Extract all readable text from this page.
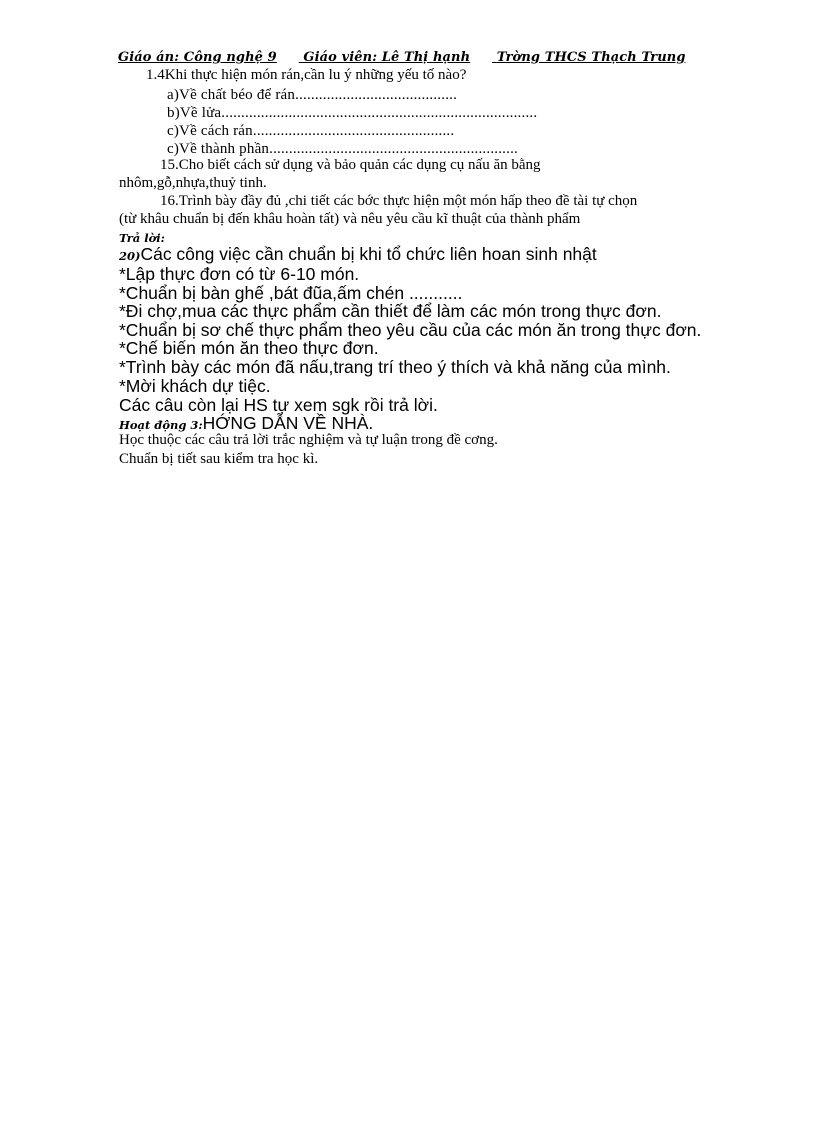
Giáo án: Công nghệ 9 Giáo viên: Lê Thị hạnh Trờng THCS Thạch Trung
1.4Khi thực hiện món rán,cần lu ý những yếu tố nào?
a)Về chất béo để rán.........................................
b)Về lửa................................................................................
c)Về cách rán...................................................
c)Về thành phần...............................................................
15.Cho biết cách sử dụng và bảo quản các dụng cụ nấu ăn bằng
nhôm,gỗ,nhựa,thuỷ tinh.
16.Trình bày đầy đủ ,chi tiết các bớc thực hiện một món hấp theo đề tài tự chọn
(từ khâu chuẩn bị đến khâu hoàn tất) và nêu yêu cầu kĩ thuật của thành phẩm
Trả lời:
20)Các công việc cần chuẩn bị khi tổ chức liên hoan sinh nhật
*Lập thực đơn có từ 6-10 món.
*Chuẩn bị bàn ghế ,bát đũa,ấm chén ...........
*Đi chợ,mua các thực phẩm cần thiết để làm các món trong thực đơn.
*Chuẩn bị sơ chế thực phẩm theo yêu cầu của các món ăn trong thực đơn.
*Chế biến món ăn theo thực đơn.
*Trình bày các món đã nấu,trang trí theo ý thích và khả năng của mình.
*Mời khách dự tiệc.
Các câu còn lại HS tự xem sgk rồi trả lời.
Hoạt động 3:HỚNG DẪN VỀ NHÀ.
Học thuộc các câu trả lời trắc nghiệm và tự luận trong đề cơng.
Chuẩn bị tiết sau kiểm tra học kì.
